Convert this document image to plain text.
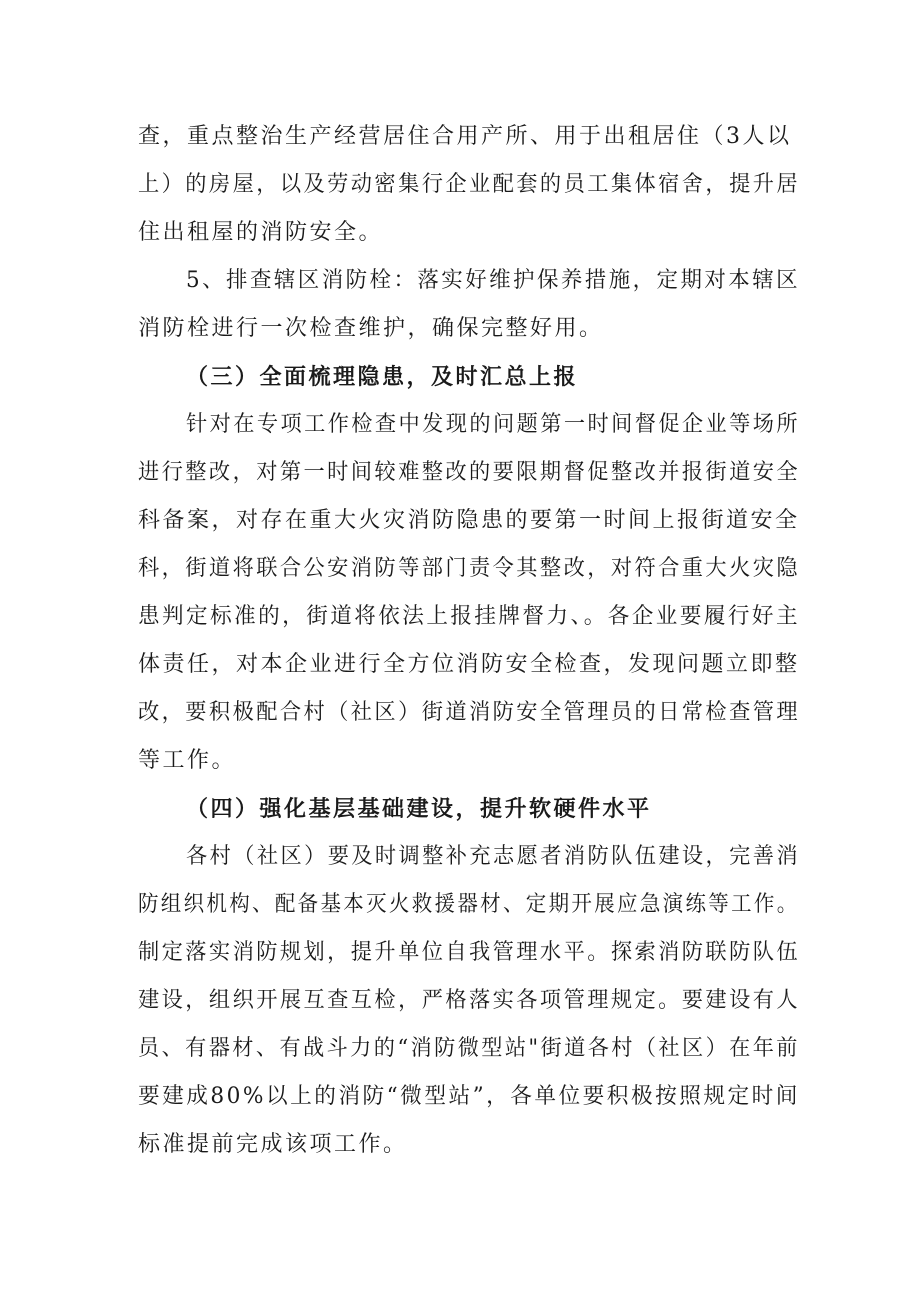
查，重点整治生产经营居住合用产所、用于出租居住（3人以
上）的房屋，以及劳动密集行企业配套的员工集体宿舍，提升居
住出租屋的消防安全。
5、排查辖区消防栓：落实好维护保养措施，定期对本辖区
消防栓进行一次检查维护，确保完整好用。
（三）全面梳理隐患，及时汇总上报
针对在专项工作检查中发现的问题第一时间督促企业等场所
进行整改，对第一时间较难整改的要限期督促整改并报街道安全
科备案，对存在重大火灾消防隐患的要第一时间上报街道安全
科，街道将联合公安消防等部门责令其整改，对符合重大火灾隐
患判定标准的，街道将依法上报挂牌督力、。各企业要履行好主
体责任，对本企业进行全方位消防安全检查，发现问题立即整
改，要积极配合村（社区）街道消防安全管理员的日常检查管理
等工作。
（四）强化基层基础建设，提升软硬件水平
各村（社区）要及时调整补充志愿者消防队伍建设，完善消
防组织机构、配备基本灭火救援器材、定期开展应急演练等工作。
制定落实消防规划，提升单位自我管理水平。探索消防联防队伍
建设，组织开展互查互检，严格落实各项管理规定。要建设有人
员、有器材、有战斗力的“消防微型站"街道各村（社区）在年前
要建成80%以上的消防“微型站”，各单位要积极按照规定时间
标准提前完成该项工作。
